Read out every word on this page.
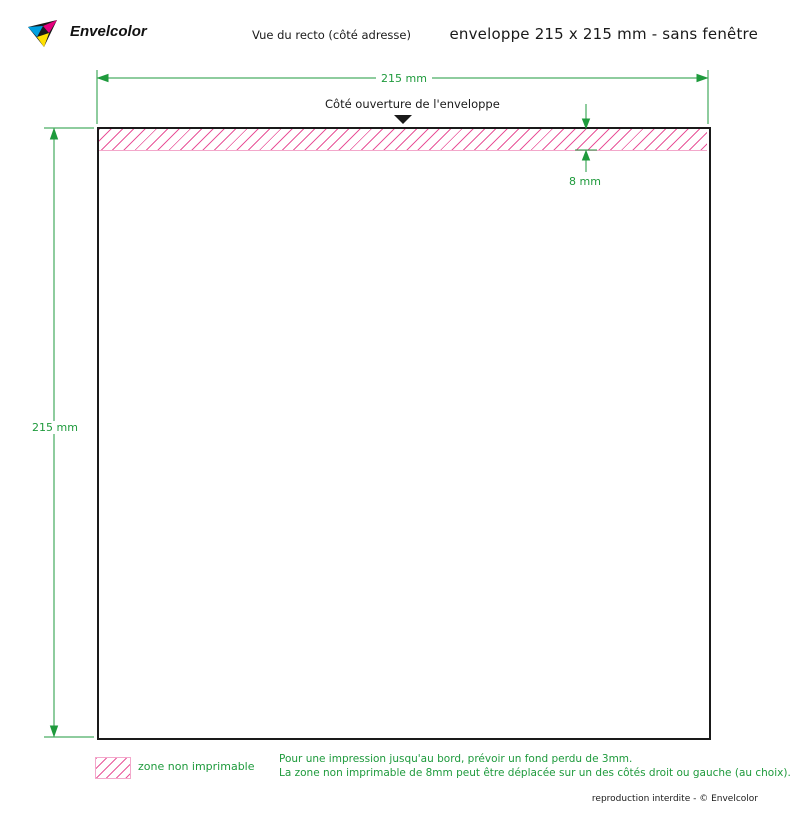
Envelcolor	Vue du recto (côté adresse)	enveloppe 215 x 215 mm - sans fenêtre
215 mm
215 mm
8 mm
Côté ouverture de l'enveloppe
zone non imprimable
Pour une impression jusqu'au bord, prévoir un fond perdu de 3mm.
La zone non imprimable de 8mm peut être déplacée sur un des côtés droit ou gauche (au choix).
reproduction interdite - © Envelcolor
